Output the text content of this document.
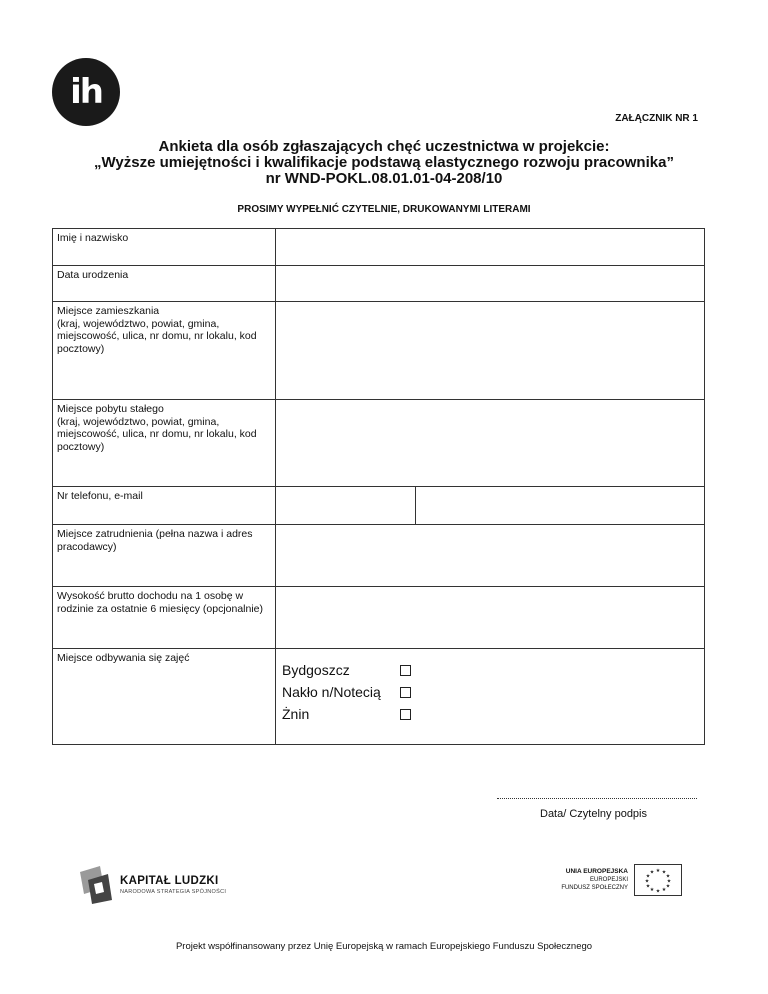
ih
ZAŁĄCZNIK NR 1
Ankieta dla osób zgłaszających chęć uczestnictwa w projekcie:
„Wyższe umiejętności i kwalifikacje podstawą elastycznego rozwoju pracownika”
nr WND-POKL.08.01.01-04-208/10
PROSIMY WYPEŁNIĆ CZYTELNIE, DRUKOWANYMI LITERAMI
Imię i nazwisko	
Data urodzenia	
Miejsce zamieszkania
(kraj, województwo, powiat, gmina, miejscowość, ulica, nr domu, nr lokalu, kod pocztowy)	
Miejsce pobytu stałego
(kraj, województwo, powiat, gmina, miejscowość, ulica, nr domu, nr lokalu, kod pocztowy)	
Nr telefonu, e-mail	

Miejsce zatrudnienia (pełna nazwa i adres pracodawcy)	
Wysokość brutto dochodu na 1 osobę w rodzinie za ostatnie 6 miesięcy (opcjonalnie)	
Miejsce odbywania się zajęć	Bydgoszcz
Nakło n/Notecią
Żnin
Data/ Czytelny podpis
KAPITAŁ LUDZKI
NARODOWA STRATEGIA SPÓJNOŚCI
UNIA EUROPEJSKA
EUROPEJSKI
FUNDUSZ SPOŁECZNY
★ ★
★
★
★
★
★
★
★
★
★
★
Projekt współfinansowany przez Unię Europejską w ramach Europejskiego Funduszu Społecznego
